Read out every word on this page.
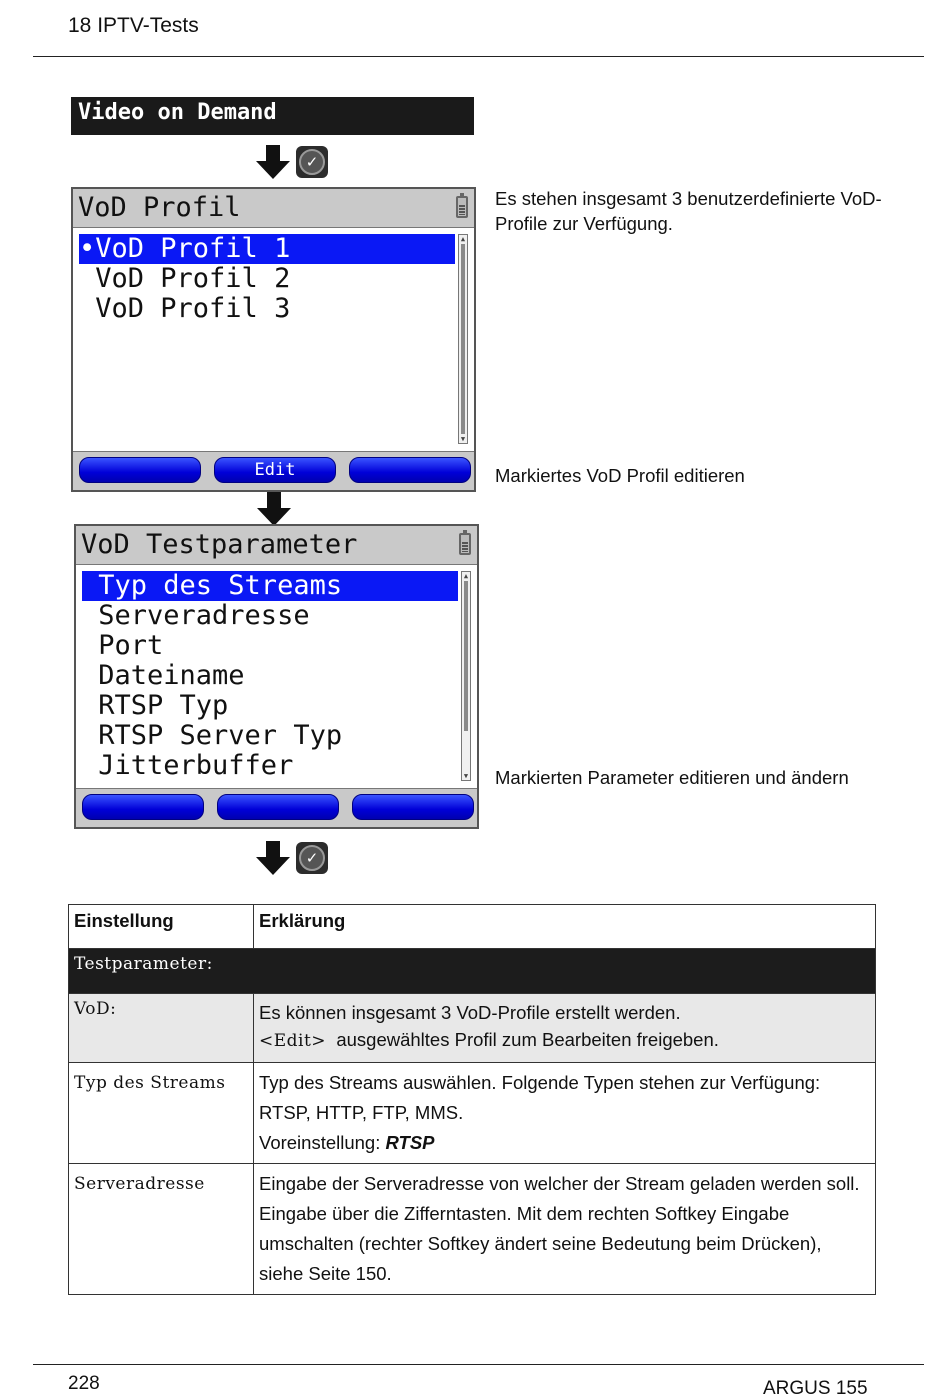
18 IPTV-Tests
Video on Demand
✓
VoD Profil
•VoD Profil 1
VoD Profil 2
VoD Profil 3
▲
▼
Edit
VoD Testparameter
Typ des Streams
Serveradresse
Port
Dateiname
RTSP Typ
RTSP Server Typ
Jitterbuffer
▲
▼
✓
Es stehen insgesamt 3 benutzerdefinierte VoD-Profile zur Verfügung.
Markiertes VoD Profil editieren
Markierten Parameter editieren und ändern
Einstellung	Erklärung
Testparameter:	
VoD:	Es können insgesamt 3 VoD-Profile erstellt werden.
<Edit> ausgewähltes Profil zum Bearbeiten freigeben.

Typ des Streams	Typ des Streams auswählen. Folgende Typen stehen zur Verfügung: RTSP, HTTP, FTP, MMS.
Voreinstellung: RTSP

Serveradresse	Eingabe der Serveradresse von welcher der Stream geladen werden soll. Eingabe über die Zifferntasten. Mit dem rechten Softkey Eingabe umschalten (rechter Softkey ändert seine Bedeutung beim Drücken), siehe Seite 150.
228	ARGUS 155
